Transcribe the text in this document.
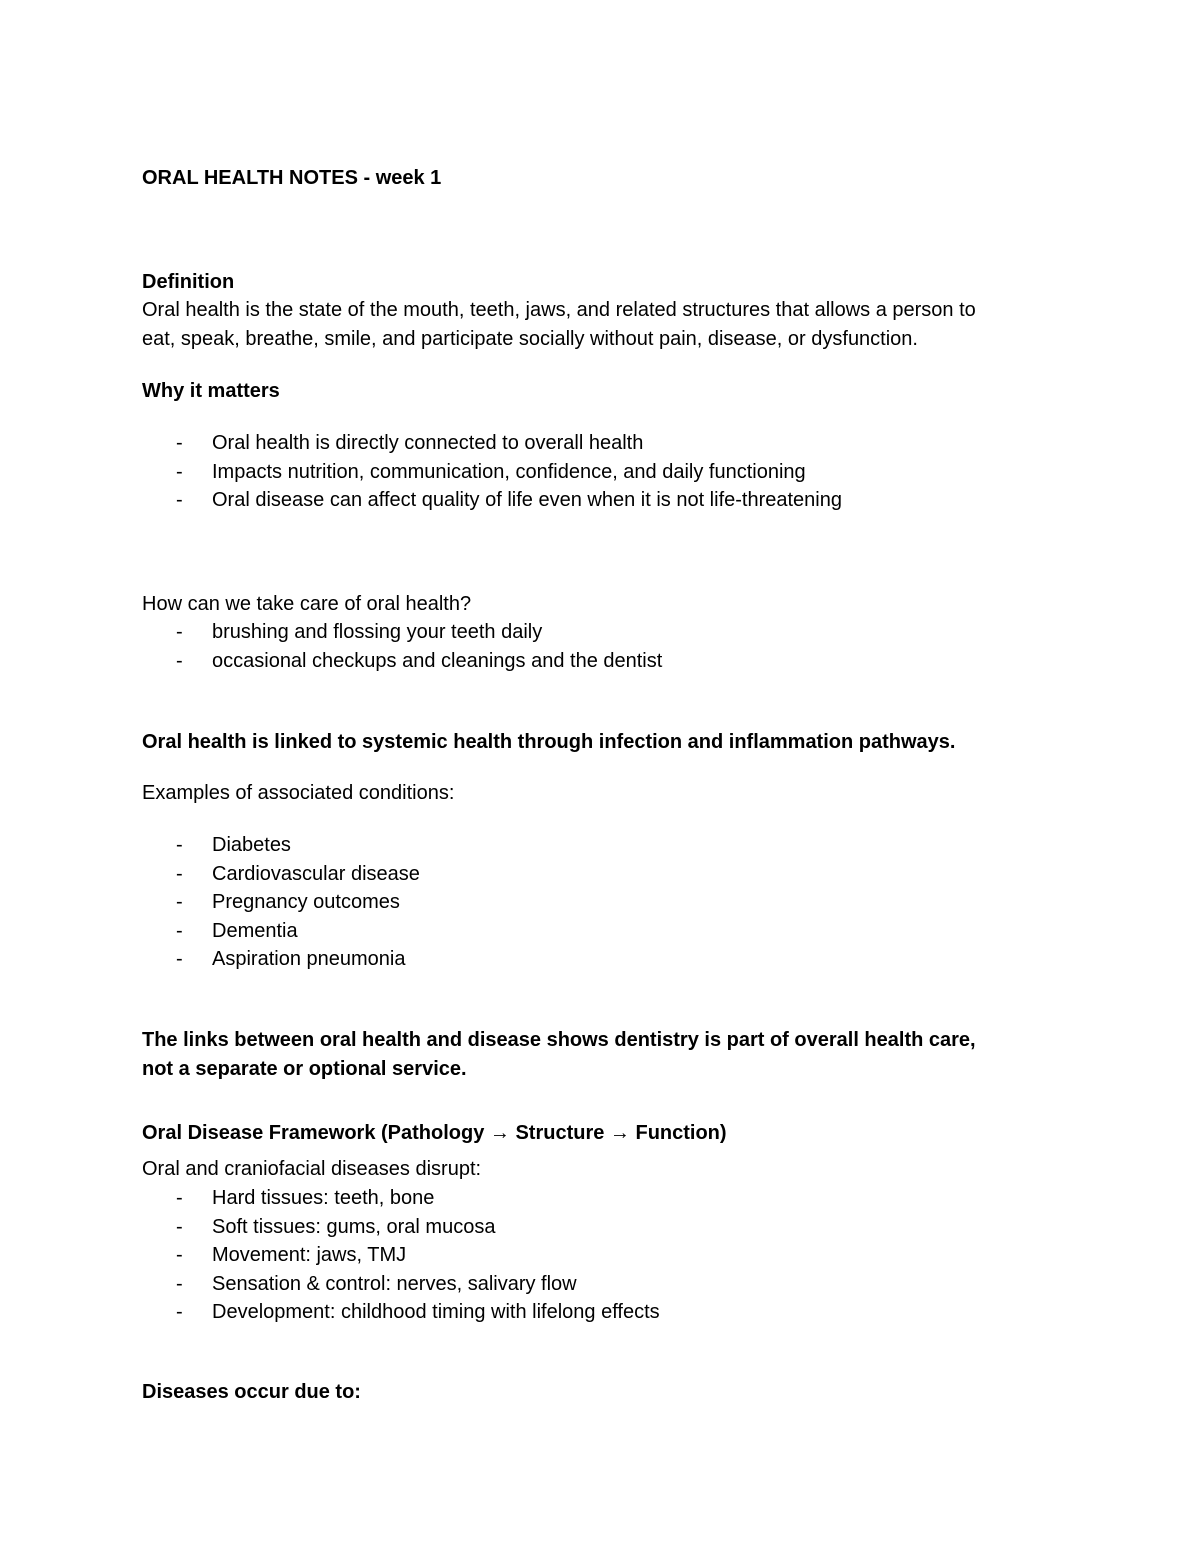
ORAL HEALTH NOTES - week 1
Definition
Oral health is the state of the mouth, teeth, jaws, and related structures that allows a person to
eat, speak, breathe, smile, and participate socially without pain, disease, or dysfunction.
Why it matters
- Oral health is directly connected to overall health
- Impacts nutrition, communication, confidence, and daily functioning
- Oral disease can affect quality of life even when it is not life-threatening
How can we take care of oral health?
- brushing and flossing your teeth daily
- occasional checkups and cleanings and the dentist
Oral health is linked to systemic health through infection and inflammation pathways.
Examples of associated conditions:
- Diabetes
- Cardiovascular disease
- Pregnancy outcomes
- Dementia
- Aspiration pneumonia
The links between oral health and disease shows dentistry is part of overall health care,
not a separate or optional service.
Oral Disease Framework (Pathology → Structure → Function)
Oral and craniofacial diseases disrupt:
- Hard tissues: teeth, bone
- Soft tissues: gums, oral mucosa
- Movement: jaws, TMJ
- Sensation & control: nerves, salivary flow
- Development: childhood timing with lifelong effects
Diseases occur due to:
